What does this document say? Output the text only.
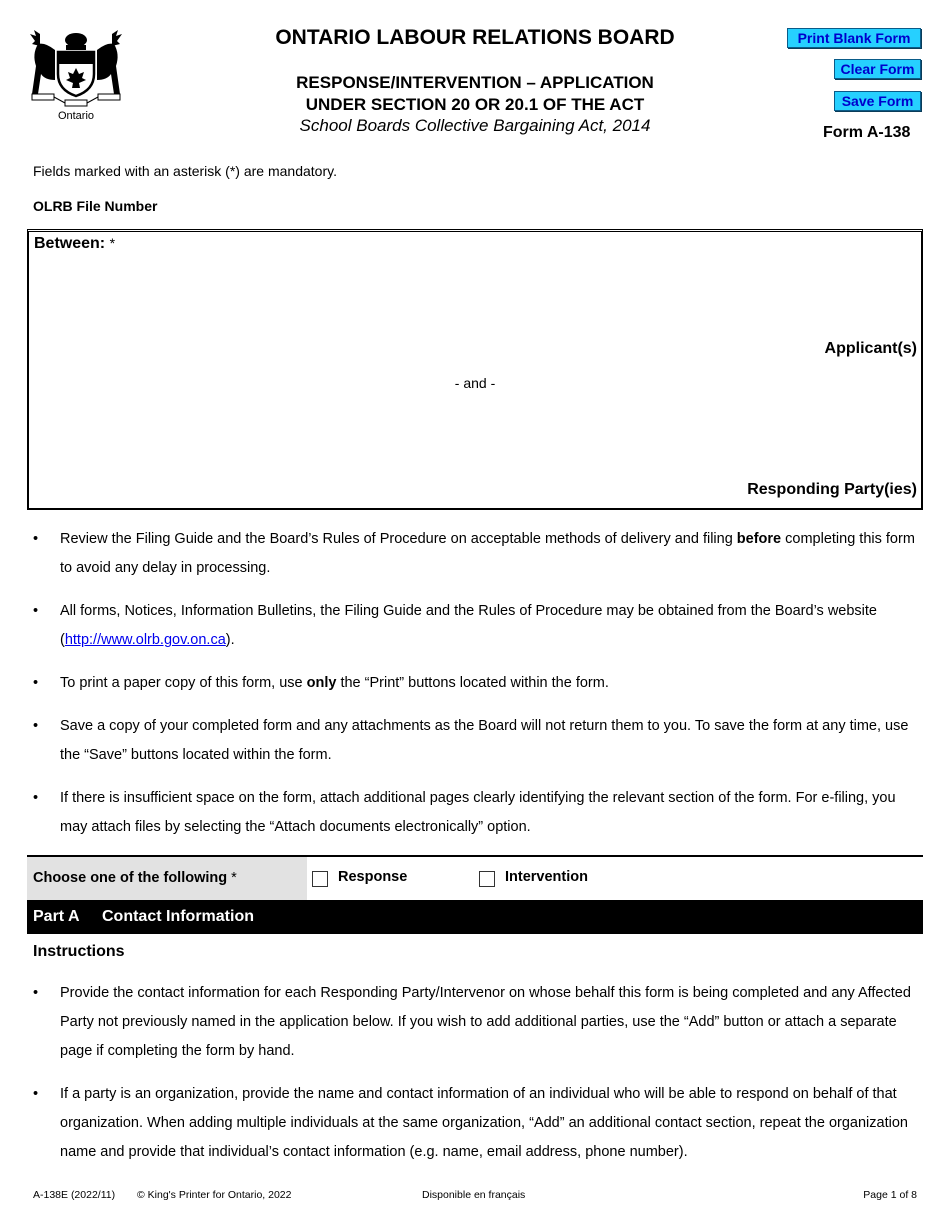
Ontario
ONTARIO LABOUR RELATIONS BOARD
RESPONSE/INTERVENTION – APPLICATION
UNDER SECTION 20 OR 20.1 OF THE ACT
School Boards Collective Bargaining Act, 2014
Print Blank Form
Clear Form
Save Form
Form A-138
Fields marked with an asterisk (*) are mandatory.
OLRB File Number
Between: *
Applicant(s)
- and -
Responding Party(ies)
• Review the Filing Guide and the Board’s Rules of Procedure on acceptable methods of delivery and filing before completing this form to avoid any delay in processing.
• All forms, Notices, Information Bulletins, the Filing Guide and the Rules of Procedure may be obtained from the Board’s website (http://www.olrb.gov.on.ca).
• To print a paper copy of this form, use only the “Print” buttons located within the form.
• Save a copy of your completed form and any attachments as the Board will not return them to you. To save the form at any time, use the “Save” buttons located within the form.
• If there is insufficient space on the form, attach additional pages clearly identifying the relevant section of the form. For e-filing, you may attach files by selecting the “Attach documents electronically” option.
Choose one of the following *	Response	Intervention
Part A Contact Information
Instructions
• Provide the contact information for each Responding Party/Intervenor on whose behalf this form is being completed and any Affected Party not previously named in the application below. If you wish to add additional parties, use the “Add” button or attach a separate page if completing the form by hand.
• If a party is an organization, provide the name and contact information of an individual who will be able to respond on behalf of that organization. When adding multiple individuals at the same organization, “Add” an additional contact section, repeat the organization name and provide that individual’s contact information (e.g. name, email address, phone number).
A-138E (2022/11) © King's Printer for Ontario, 2022	Disponible en français	Page 1 of 8
